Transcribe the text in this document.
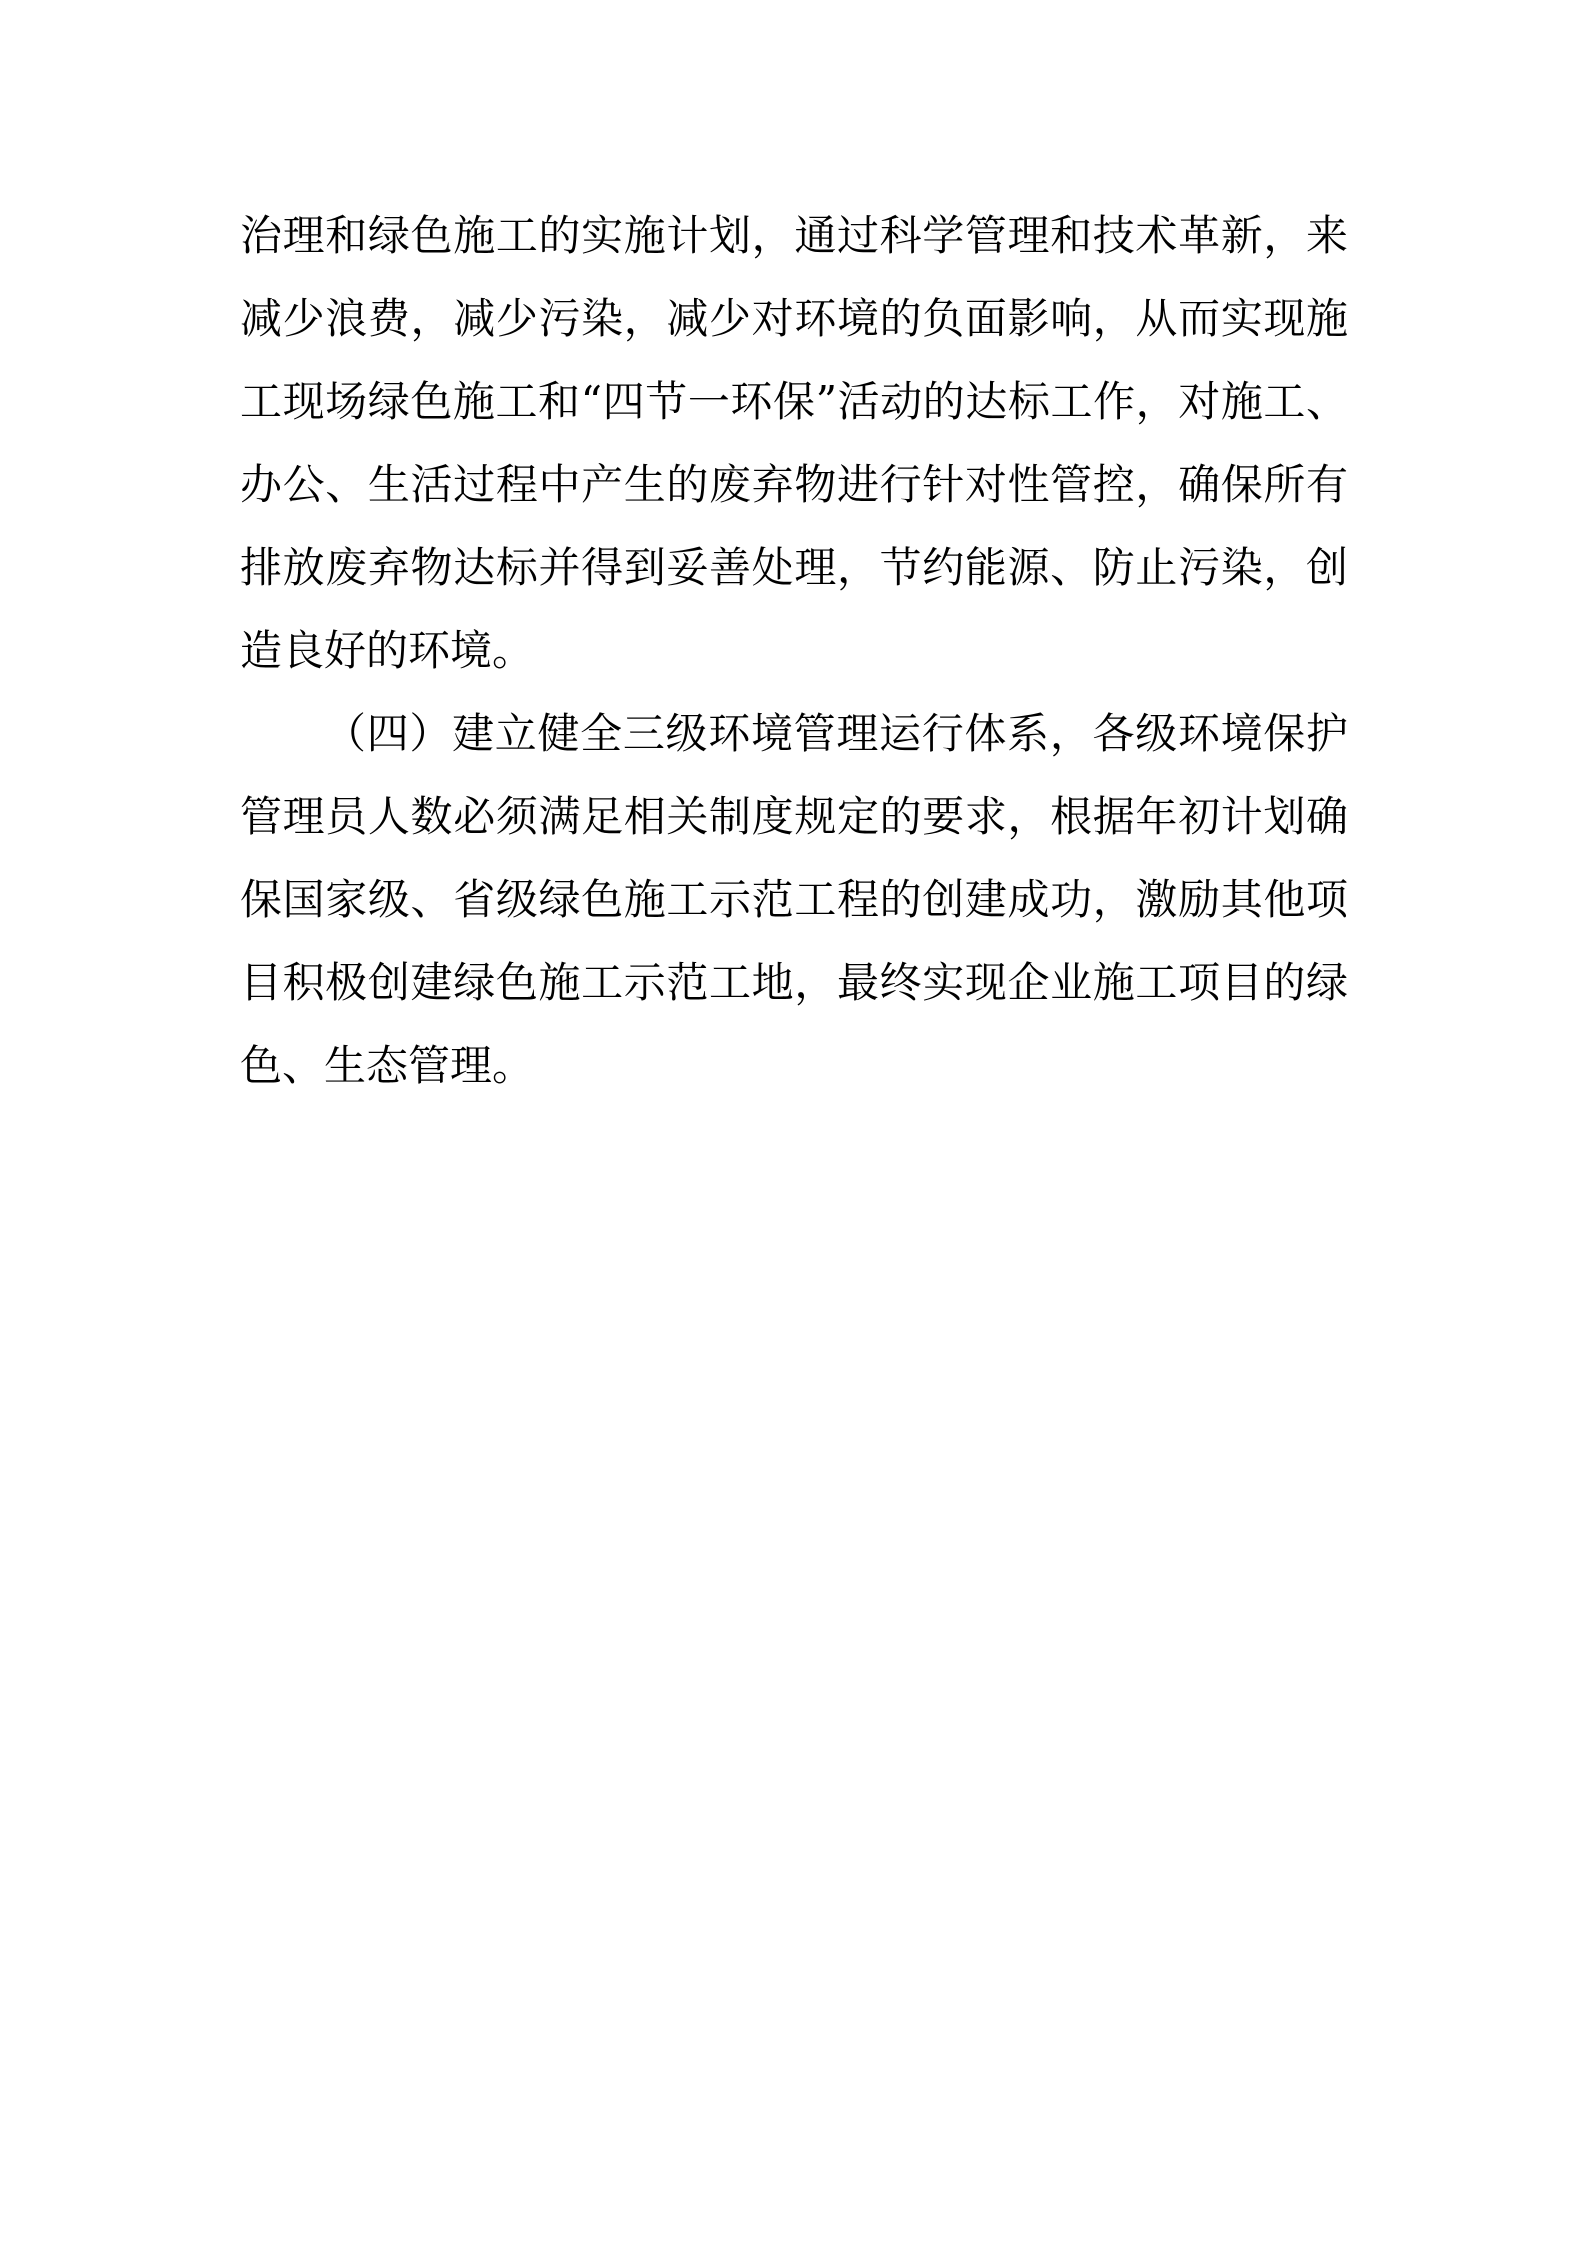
治理和绿色施工的实施计划，通过科学管理和技术革新，来
减少浪费，减少污染，减少对环境的负面影响，从而实现施
工现场绿色施工和“四节一环保”活动的达标工作，对施工、
办公、生活过程中产生的废弃物进行针对性管控，确保所有
排放废弃物达标并得到妥善处理，节约能源、防止污染，创
造良好的环境。
（四）建立健全三级环境管理运行体系，各级环境保护
管理员人数必须满足相关制度规定的要求，根据年初计划确
保国家级、省级绿色施工示范工程的创建成功，激励其他项
目积极创建绿色施工示范工地，最终实现企业施工项目的绿
色、生态管理。
